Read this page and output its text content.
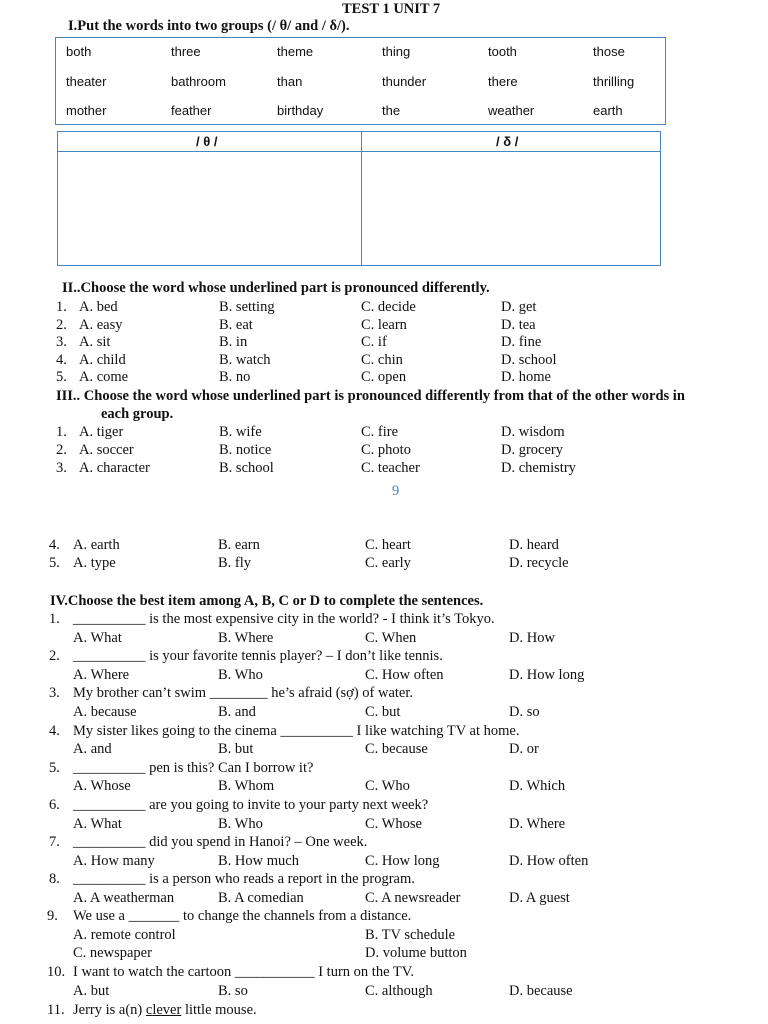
TEST 1 UNIT 7
I.Put the words into two groups (/ θ/ and / δ/).
both	three	theme	thing	tooth	those
theater	bathroom	than	thunder	there	thrilling
mother	feather	birthday	the	weather	earth
/ θ /	/ δ /
II..Choose the word whose underlined part is pronounced differently.
1. A. bed	B. setting	C. decide	D. get
2. A. easy	B. eat	C. learn	D. tea
3. A. sit	B. in	C. if	D. fine
4. A. child	B. watch	C. chin	D. school
5. A. come	B. no	C. open	D. home
III.. Choose the word whose underlined part is pronounced differently from that of the other words in
each group.
1. A. tiger	B. wife	C. fire	D. wisdom
2. A. soccer	B. notice	C. photo	D. grocery
3. A. character	B. school	C. teacher	D. chemistry
9
4. A. earth	B. earn	C. heart	D. heard
5. A. type	B. fly	C. early	D. recycle
IV.Choose the best item among A, B, C or D to complete the sentences.
1. __________ is the most expensive city in the world? - I think it’s Tokyo.
A. What	B. Where	C. When	D. How
2. __________ is your favorite tennis player? – I don’t like tennis.
A. Where	B. Who	C. How often	D. How long
3. My brother can’t swim ________ he’s afraid (sợ) of water.
A. because	B. and	C. but	D. so
4. My sister likes going to the cinema __________ I like watching TV at home.
A. and	B. but	C. because	D. or
5. __________ pen is this? Can I borrow it?
A. Whose	B. Whom	C. Who	D. Which
6. __________ are you going to invite to your party next week?
A. What	B. Who	C. Whose	D. Where
7. __________ did you spend in Hanoi? – One week.
A. How many	B. How much	C. How long	D. How often
8. __________ is a person who reads a report in the program.
A. A weatherman	B. A comedian	C. A newsreader	D. A guest
9. We use a _______ to change the channels from a distance.
A. remote control	B. TV schedule
C. newspaper	D. volume button
10. I want to watch the cartoon ___________ I turn on the TV.
A. but	B. so	C. although	D. because
11. Jerry is a(n) clever little mouse.
